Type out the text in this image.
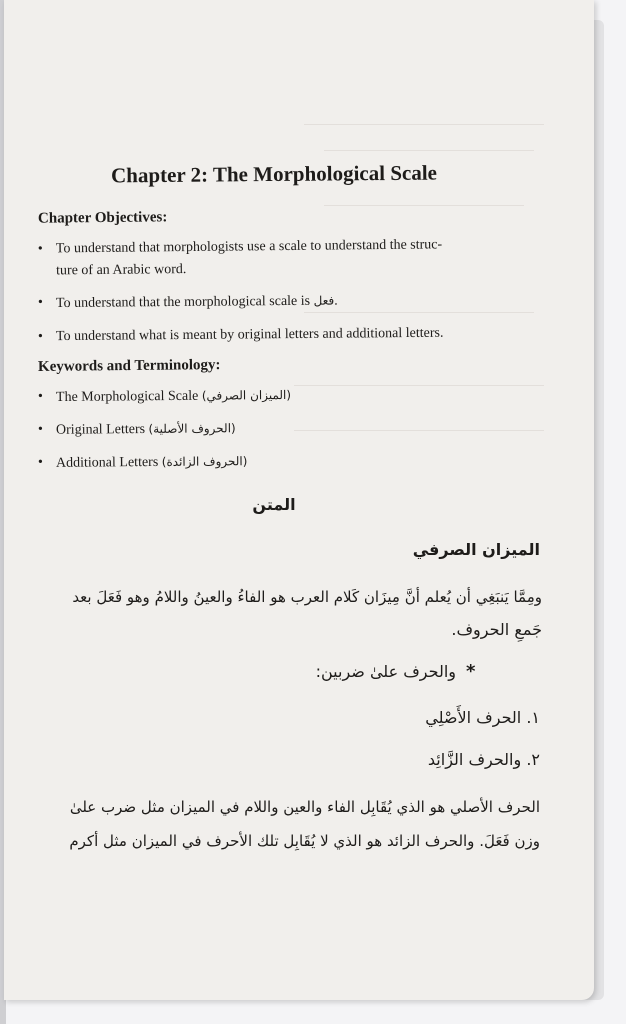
Chapter 2: The Morphological Scale
Chapter Objectives:
• To understand that morphologists use a scale to understand the struc-
ture of an Arabic word.
• To understand that the morphological scale is فعل.
• To understand what is meant by original letters and additional letters.
Keywords and Terminology:
• The Morphological Scale (الميزان الصرفي)
• Original Letters (الحروف الأصلية)
• Additional Letters (الحروف الزائدة)
المتن
الميزان الصرفي
ومِمَّا يَنبَغِي أن يُعلم أنَّ مِيزَان كَلام العرب هو الفاءُ والعينُ واللامُ وهو فَعَلَ بعد
جَمعِ الحروف.
*
والحرف علىٰ ضربين:
١. الحرف الأَصْلِي
٢. والحرف الزَّائِد
الحرف الأصلي هو الذي يُقَابِل الفاء والعين واللام في الميزان مثل ضرب علىٰ
وزن فَعَلَ. والحرف الزائد هو الذي لا يُقَابِل تلك الأحرف في الميزان مثل أكرم
